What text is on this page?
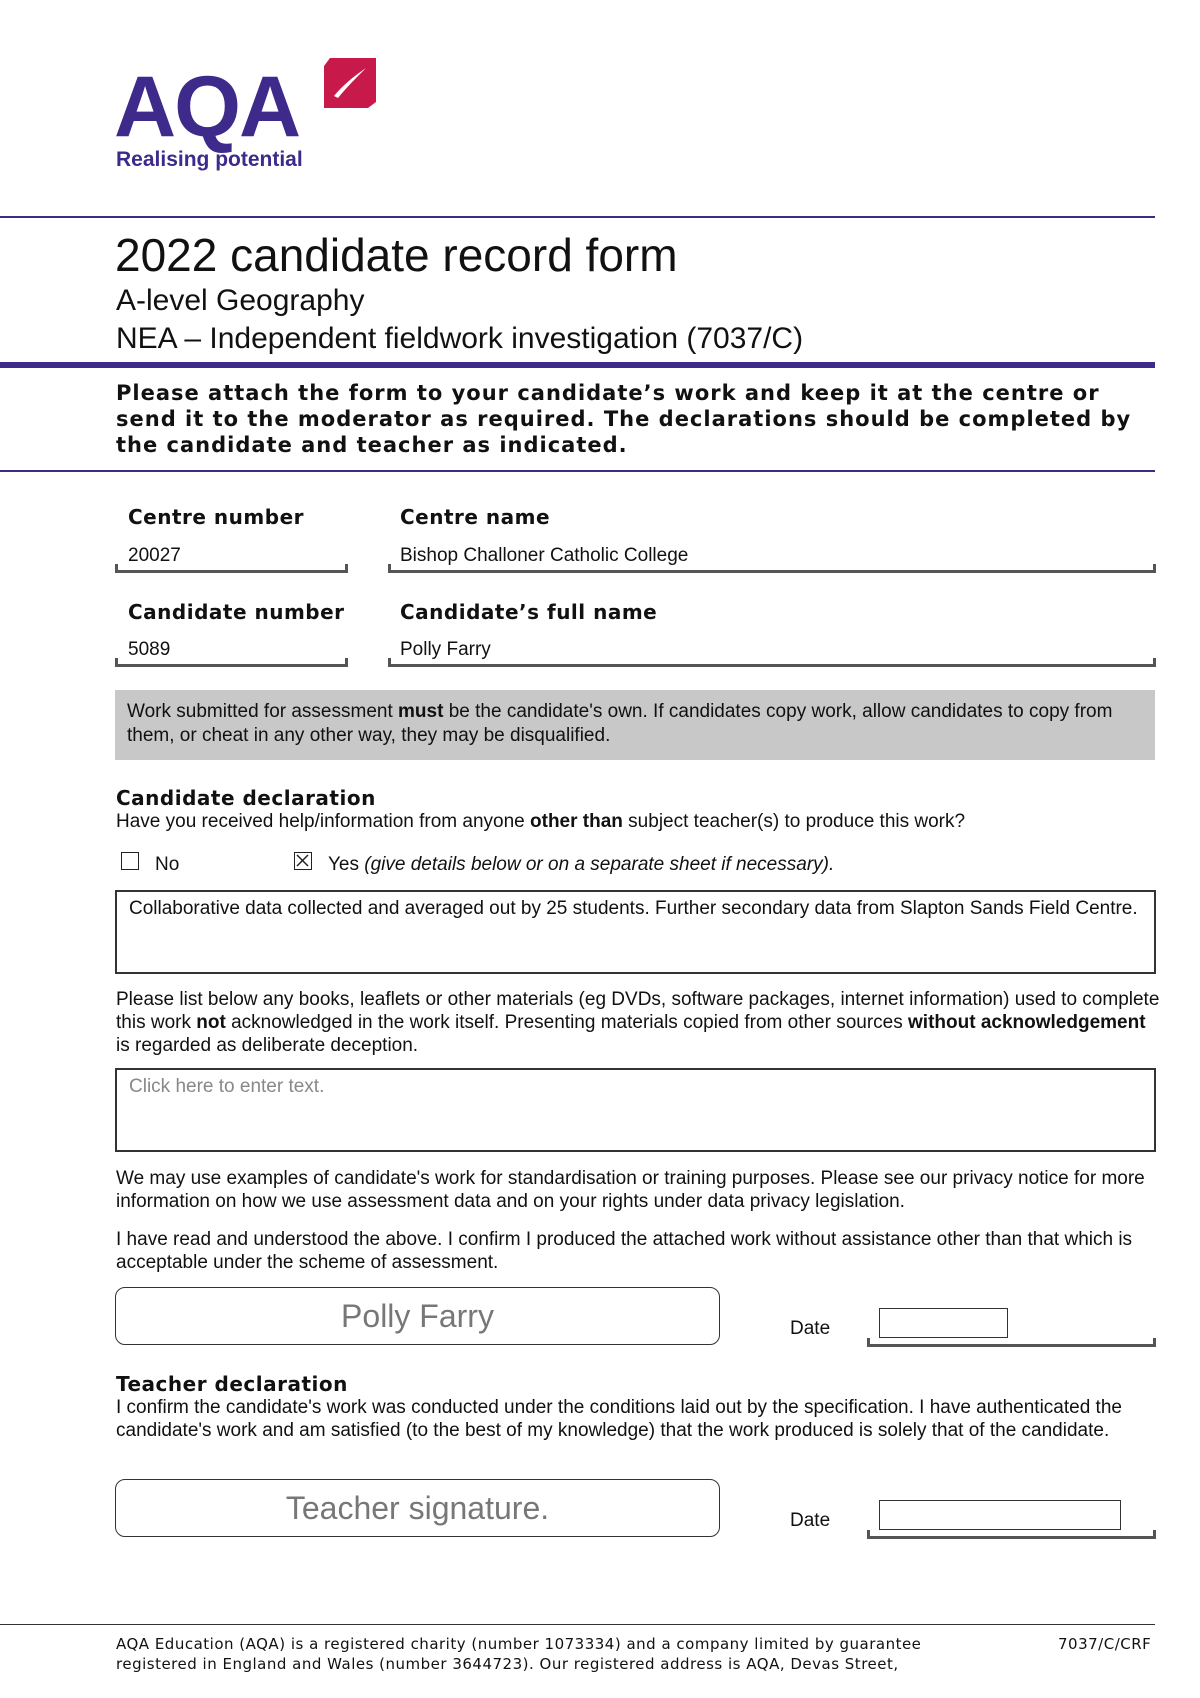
AQA
Realising potential
2022 candidate record form
A-level Geography
NEA – Independent fieldwork investigation (7037/C)
Please attach the form to your candidate’s work and keep it at the centre or send it to the moderator as required. The declarations should be completed by the candidate and teacher as indicated.
Centre number
20027
Centre name
Bishop Challoner Catholic College
Candidate number
5089
Candidate’s full name
Polly Farry
Work submitted for assessment must be the candidate's own. If candidates copy work, allow candidates to copy from them, or cheat in any other way, they may be disqualified.
Candidate declaration
Have you received help/information from anyone other than subject teacher(s) to produce this work?
No	Yes (give details below or on a separate sheet if necessary).
Collaborative data collected and averaged out by 25 students. Further secondary data from Slapton Sands Field Centre.
Please list below any books, leaflets or other materials (eg DVDs, software packages, internet information) used to complete this work not acknowledged in the work itself. Presenting materials copied from other sources without acknowledgement is regarded as deliberate deception.
Click here to enter text.
We may use examples of candidate's work for standardisation or training purposes. Please see our privacy notice for more information on how we use assessment data and on your rights under data privacy legislation.
I have read and understood the above. I confirm I produced the attached work without assistance other than that which is acceptable under the scheme of assessment.
Polly Farry	Date
Teacher declaration
I confirm the candidate's work was conducted under the conditions laid out by the specification. I have authenticated the candidate's work and am satisfied (to the best of my knowledge) that the work produced is solely that of the candidate.
Teacher signature.	Date
AQA Education (AQA) is a registered charity (number 1073334) and a company limited by guarantee registered in England and Wales (number 3644723). Our registered address is AQA, Devas Street,
7037/C/CRF
